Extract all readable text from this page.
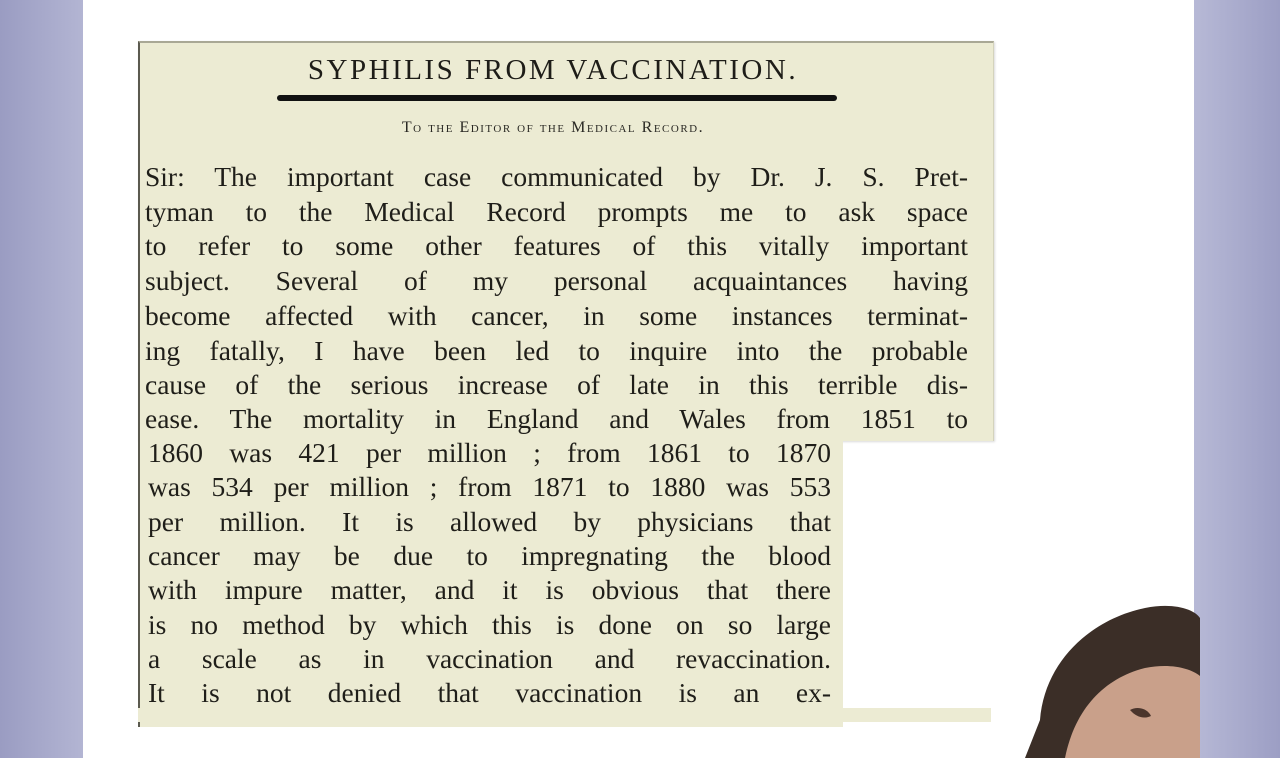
SYPHILIS FROM VACCINATION.
To the Editor of the Medical Record.
Sir: The important case communicated by Dr. J. S. Pret-
tyman to the Medical Record prompts me to ask space
to refer to some other features of this vitally important
subject. Several of my personal acquaintances having
become affected with cancer, in some instances terminat-
ing fatally, I have been led to inquire into the probable
cause of the serious increase of late in this terrible dis-
ease. The mortality in England and Wales from 1851 to
1860 was 421 per million ; from 1861 to 1870
was 534 per million ; from 1871 to 1880 was 553
per million. It is allowed by physicians that
cancer may be due to impregnating the blood
with impure matter, and it is obvious that there
is no method by which this is done on so large
a scale as in vaccination and revaccination.
It is not denied that vaccination is an ex-
